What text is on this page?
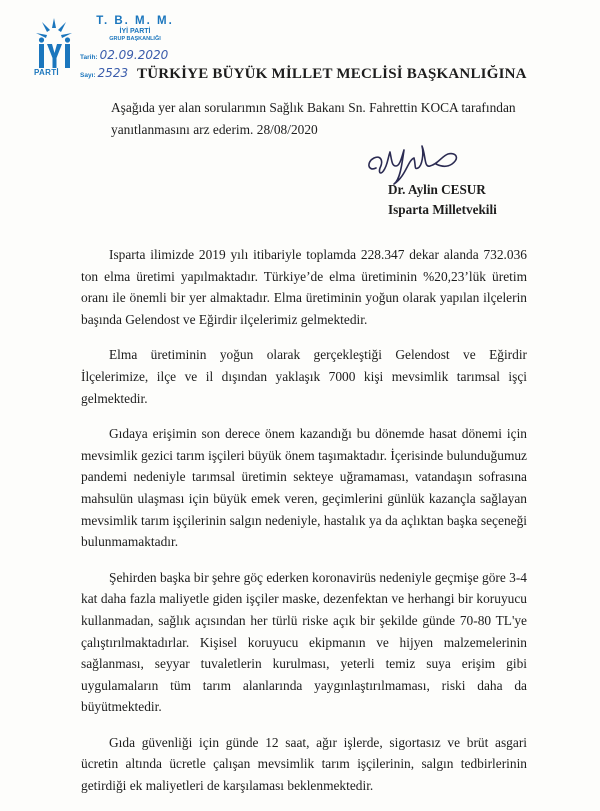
PARTİ
T. B. M. M.
İYİ PARTİ
GRUP BAŞKANLIĞI
Tarih: 02.09.2020
Sayı: 2523 TÜRKİYE BÜYÜK MİLLET MECLİSİ BAŞKANLIĞINA
Aşağıda yer alan sorularımın Sağlık Bakanı Sn. Fahrettin KOCA tarafından yanıtlanmasını arz ederim. 28/08/2020
Dr. Aylin CESUR
Isparta Milletvekili

Isparta ilimizde 2019 yılı itibariyle toplamda 228.347 dekar alanda 732.036 ton elma üretimi yapılmaktadır. Türkiye’de elma üretiminin %20,23’lük üretim oranı ile önemli bir yer almaktadır. Elma üretiminin yoğun olarak yapılan ilçelerin başında Gelendost ve Eğirdir ilçelerimiz gelmektedir.

Elma üretiminin yoğun olarak gerçekleştiği Gelendost ve Eğirdir İlçelerimize, ilçe ve il dışından yaklaşık 7000 kişi mevsimlik tarımsal işçi gelmektedir.

Gıdaya erişimin son derece önem kazandığı bu dönemde hasat dönemi için mevsimlik gezici tarım işçileri büyük önem taşımaktadır. İçerisinde bulunduğumuz pandemi nedeniyle tarımsal üretimin sekteye uğramaması, vatandaşın sofrasına mahsulün ulaşması için büyük emek veren, geçimlerini günlük kazançla sağlayan mevsimlik tarım işçilerinin salgın nedeniyle, hastalık ya da açlıktan başka seçeneği bulunmamaktadır.

Şehirden başka bir şehre göç ederken koronavirüs nedeniyle geçmişe göre 3-4 kat daha fazla maliyetle giden işçiler maske, dezenfektan ve herhangi bir koruyucu kullanmadan, sağlık açısından her türlü riske açık bir şekilde günde 70-80 TL'ye çalıştırılmaktadırlar. Kişisel koruyucu ekipmanın ve hijyen malzemelerinin sağlanması, seyyar tuvaletlerin kurulması, yeterli temiz suya erişim gibi uygulamaların tüm tarım alanlarında yaygınlaştırılmaması, riski daha da büyütmektedir.

Gıda güvenliği için günde 12 saat, ağır işlerde, sigortasız ve brüt asgari ücretin altında ücretle çalışan mevsimlik tarım işçilerinin, salgın tedbirlerinin getirdiği ek maliyetleri de karşılaması beklenmektedir.
